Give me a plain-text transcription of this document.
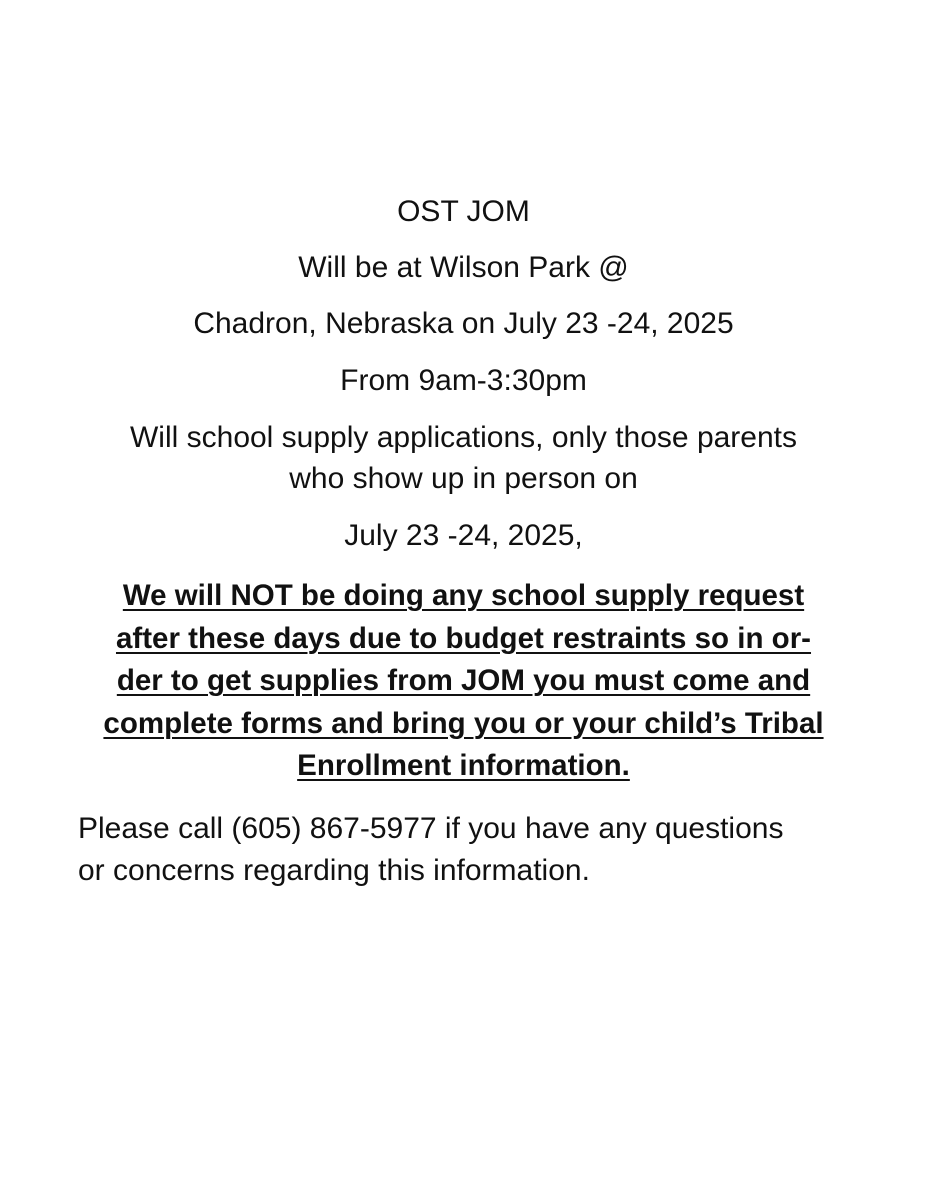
OST JOM
Will be at Wilson Park @
Chadron, Nebraska on July 23 -24, 2025
From 9am-3:30pm
Will school supply applications, only those parents
who show up in person on
July 23 -24, 2025,
We will NOT be doing any school supply request
after these days due to budget restraints so in or-
der to get supplies from JOM you must come and
complete forms and bring you or your child’s Tribal
Enrollment information.
Please call (605) 867-5977 if you have any questions
or concerns regarding this information.
